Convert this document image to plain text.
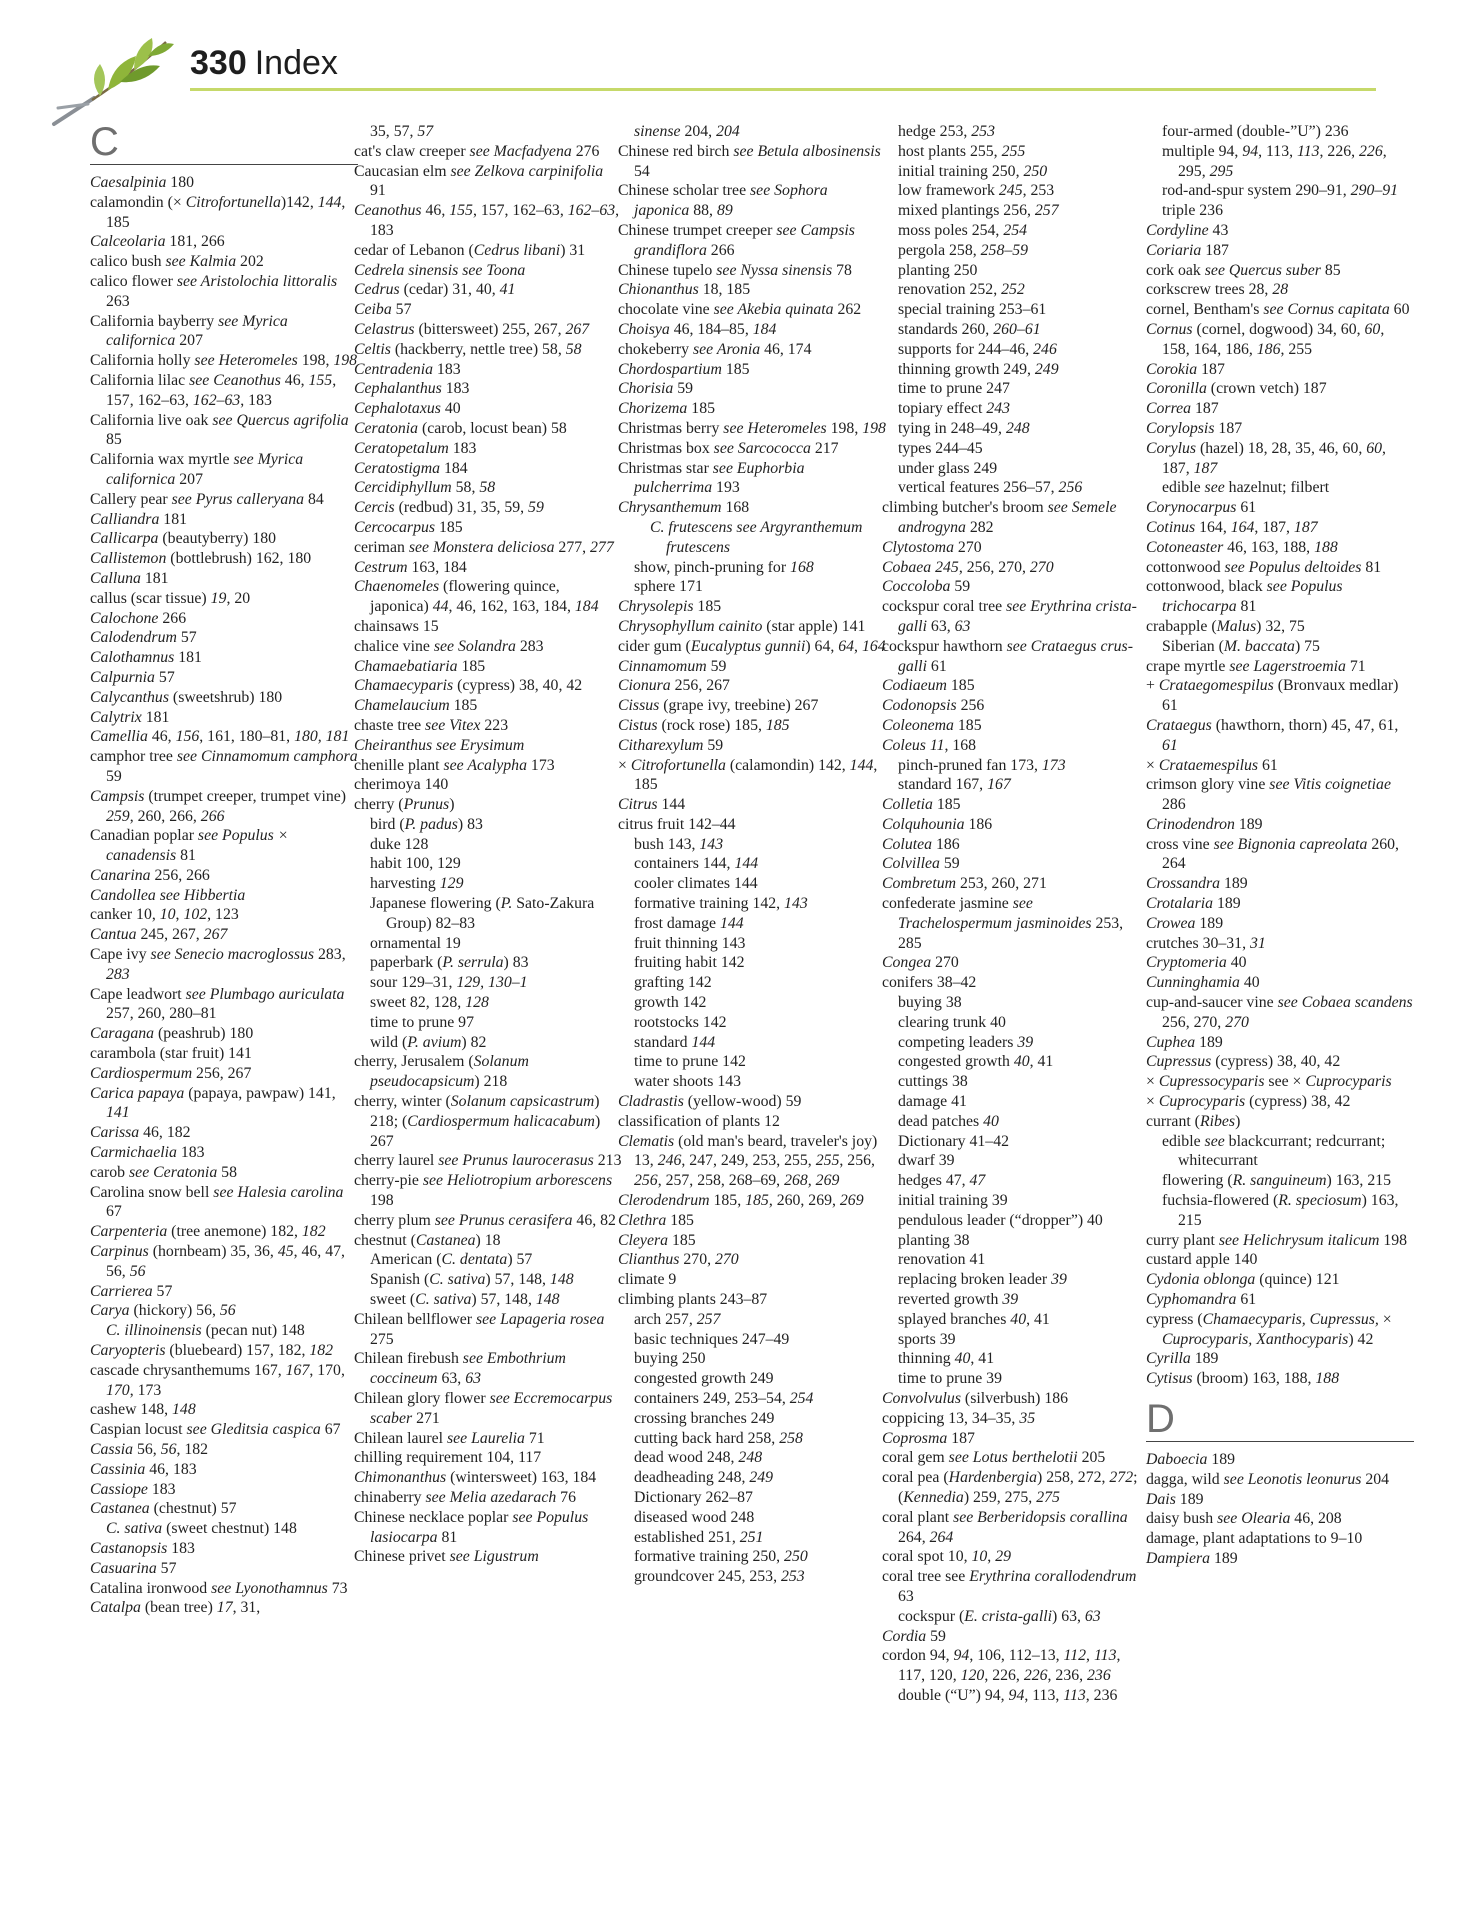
330 Index
C

Caesalpinia 180

calamondin (× Citrofortunella)142, 144, 185

Calceolaria 181, 266

calico bush see Kalmia 202

calico flower see Aristolochia littoralis 263

California bayberry see Myrica californica 207

California holly see Heteromeles 198, 198

California lilac see Ceanothus 46, 155, 157, 162–63, 162–63, 183

California live oak see Quercus agrifolia 85

California wax myrtle see Myrica californica 207

Callery pear see Pyrus calleryana 84

Calliandra 181

Callicarpa (beautyberry) 180

Callistemon (bottlebrush) 162, 180

Calluna 181

callus (scar tissue) 19, 20

Calochone 266

Calodendrum 57

Calothamnus 181

Calpurnia 57

Calycanthus (sweetshrub) 180

Calytrix 181

Camellia 46, 156, 161, 180–81, 180, 181

camphor tree see Cinnamomum camphora 59

Campsis (trumpet creeper, trumpet vine) 259, 260, 266, 266

Canadian poplar see Populus × canadensis 81

Canarina 256, 266

Candollea see Hibbertia

canker 10, 10, 102, 123

Cantua 245, 267, 267

Cape ivy see Senecio macroglossus 283, 283

Cape leadwort see Plumbago auriculata 257, 260, 280–81

Caragana (peashrub) 180

carambola (star fruit) 141

Cardiospermum 256, 267

Carica papaya (papaya, pawpaw) 141, 141

Carissa 46, 182

Carmichaelia 183

carob see Ceratonia 58

Carolina snow bell see Halesia carolina 67

Carpenteria (tree anemone) 182, 182

Carpinus (hornbeam) 35, 36, 45, 46, 47, 56, 56

Carrierea 57

Carya (hickory) 56, 56

C. illinoinensis (pecan nut) 148

Caryopteris (bluebeard) 157, 182, 182

cascade chrysanthemums 167, 167, 170, 170, 173

cashew 148, 148

Caspian locust see Gleditsia caspica 67

Cassia 56, 56, 182

Cassinia 46, 183

Cassiope 183

Castanea (chestnut) 57

C. sativa (sweet chestnut) 148

Castanopsis 183

Casuarina 57

Catalina ironwood see Lyonothamnus 73

Catalpa (bean tree) 17, 31,

35, 57, 57

cat's claw creeper see Macfadyena 276

Caucasian elm see Zelkova carpinifolia 91

Ceanothus 46, 155, 157, 162–63, 162–63, 183

cedar of Lebanon (Cedrus libani) 31

Cedrela sinensis see Toona

Cedrus (cedar) 31, 40, 41

Ceiba 57

Celastrus (bittersweet) 255, 267, 267

Celtis (hackberry, nettle tree) 58, 58

Centradenia 183

Cephalanthus 183

Cephalotaxus 40

Ceratonia (carob, locust bean) 58

Ceratopetalum 183

Ceratostigma 184

Cercidiphyllum 58, 58

Cercis (redbud) 31, 35, 59, 59

Cercocarpus 185

ceriman see Monstera deliciosa 277, 277

Cestrum 163, 184

Chaenomeles (flowering quince, japonica) 44, 46, 162, 163, 184, 184

chainsaws 15

chalice vine see Solandra 283

Chamaebatiaria 185

Chamaecyparis (cypress) 38, 40, 42

Chamelaucium 185

chaste tree see Vitex 223

Cheiranthus see Erysimum

chenille plant see Acalypha 173

cherimoya 140

cherry (Prunus)

bird (P. padus) 83

duke 128

habit 100, 129

harvesting 129

Japanese flowering (P. Sato-Zakura Group) 82–83

ornamental 19

paperbark (P. serrula) 83

sour 129–31, 129, 130–1

sweet 82, 128, 128

time to prune 97

wild (P. avium) 82

cherry, Jerusalem (Solanum pseudocapsicum) 218

cherry, winter (Solanum capsicastrum) 218; (Cardiospermum halicacabum) 267

cherry laurel see Prunus laurocerasus 213

cherry-pie see Heliotropium arborescens 198

cherry plum see Prunus cerasifera 46, 82

chestnut (Castanea) 18

American (C. dentata) 57

Spanish (C. sativa) 57, 148, 148

sweet (C. sativa) 57, 148, 148

Chilean bellflower see Lapageria rosea 275

Chilean firebush see Embothrium coccineum 63, 63

Chilean glory flower see Eccremocarpus scaber 271

Chilean laurel see Laurelia 71

chilling requirement 104, 117

Chimonanthus (wintersweet) 163, 184

chinaberry see Melia azedarach 76

Chinese necklace poplar see Populus lasiocarpa 81

Chinese privet see Ligustrum

sinense 204, 204

Chinese red birch see Betula albosinensis 54

Chinese scholar tree see Sophora japonica 88, 89

Chinese trumpet creeper see Campsis grandiflora 266

Chinese tupelo see Nyssa sinensis 78

Chionanthus 18, 185

chocolate vine see Akebia quinata 262

Choisya 46, 184–85, 184

chokeberry see Aronia 46, 174

Chordospartium 185

Chorisia 59

Chorizema 185

Christmas berry see Heteromeles 198, 198

Christmas box see Sarcococca 217

Christmas star see Euphorbia pulcherrima 193

Chrysanthemum 168

C. frutescens see Argyranthemum frutescens

show, pinch-pruning for 168

sphere 171

Chrysolepis 185

Chrysophyllum cainito (star apple) 141

cider gum (Eucalyptus gunnii) 64, 64, 164

Cinnamomum 59

Cionura 256, 267

Cissus (grape ivy, treebine) 267

Cistus (rock rose) 185, 185

Citharexylum 59

× Citrofortunella (calamondin) 142, 144, 185

Citrus 144

citrus fruit 142–44

bush 143, 143

containers 144, 144

cooler climates 144

formative training 142, 143

frost damage 144

fruit thinning 143

fruiting habit 142

grafting 142

growth 142

rootstocks 142

standard 144

time to prune 142

water shoots 143

Cladrastis (yellow-wood) 59

classification of plants 12

Clematis (old man's beard, traveler's joy) 13, 246, 247, 249, 253, 255, 255, 256, 256, 257, 258, 268–69, 268, 269

Clerodendrum 185, 185, 260, 269, 269

Clethra 185

Cleyera 185

Clianthus 270, 270

climate 9

climbing plants 243–87

arch 257, 257

basic techniques 247–49

buying 250

congested growth 249

containers 249, 253–54, 254

crossing branches 249

cutting back hard 258, 258

dead wood 248, 248

deadheading 248, 249

Dictionary 262–87

diseased wood 248

established 251, 251

formative training 250, 250

groundcover 245, 253, 253

hedge 253, 253

host plants 255, 255

initial training 250, 250

low framework 245, 253

mixed plantings 256, 257

moss poles 254, 254

pergola 258, 258–59

planting 250

renovation 252, 252

special training 253–61

standards 260, 260–61

supports for 244–46, 246

thinning growth 249, 249

time to prune 247

topiary effect 243

tying in 248–49, 248

types 244–45

under glass 249

vertical features 256–57, 256

climbing butcher's broom see Semele androgyna 282

Clytostoma 270

Cobaea 245, 256, 270, 270

Coccoloba 59

cockspur coral tree see Erythrina crista-galli 63, 63

cockspur hawthorn see Crataegus crus-galli 61

Codiaeum 185

Codonopsis 256

Coleonema 185

Coleus 11, 168

pinch-pruned fan 173, 173

standard 167, 167

Colletia 185

Colquhounia 186

Colutea 186

Colvillea 59

Combretum 253, 260, 271

confederate jasmine see Trachelospermum jasminoides 253, 285

Congea 270

conifers 38–42

buying 38

clearing trunk 40

competing leaders 39

congested growth 40, 41

cuttings 38

damage 41

dead patches 40

Dictionary 41–42

dwarf 39

hedges 47, 47

initial training 39

pendulous leader (“dropper”) 40

planting 38

renovation 41

replacing broken leader 39

reverted growth 39

splayed branches 40, 41

sports 39

thinning 40, 41

time to prune 39

Convolvulus (silverbush) 186

coppicing 13, 34–35, 35

Coprosma 187

coral gem see Lotus berthelotii 205

coral pea (Hardenbergia) 258, 272, 272; (Kennedia) 259, 275, 275

coral plant see Berberidopsis corallina 264, 264

coral spot 10, 10, 29

coral tree see Erythrina corallodendrum 63

cockspur (E. crista-galli) 63, 63

Cordia 59

cordon 94, 94, 106, 112–13, 112, 113, 117, 120, 120, 226, 226, 236, 236

double (“U”) 94, 94, 113, 113, 236

four-armed (double-”U”) 236

multiple 94, 94, 113, 113, 226, 226, 295, 295

rod-and-spur system 290–91, 290–91

triple 236

Cordyline 43

Coriaria 187

cork oak see Quercus suber 85

corkscrew trees 28, 28

cornel, Bentham's see Cornus capitata 60

Cornus (cornel, dogwood) 34, 60, 60, 158, 164, 186, 186, 255

Corokia 187

Coronilla (crown vetch) 187

Correa 187

Corylopsis 187

Corylus (hazel) 18, 28, 35, 46, 60, 60, 187, 187

edible see hazelnut; filbert

Corynocarpus 61

Cotinus 164, 164, 187, 187

Cotoneaster 46, 163, 188, 188

cottonwood see Populus deltoides 81

cottonwood, black see Populus trichocarpa 81

crabapple (Malus) 32, 75

Siberian (M. baccata) 75

crape myrtle see Lagerstroemia 71

+ Crataegomespilus (Bronvaux medlar) 61

Crataegus (hawthorn, thorn) 45, 47, 61, 61

× Crataemespilus 61

crimson glory vine see Vitis coignetiae 286

Crinodendron 189

cross vine see Bignonia capreolata 260, 264

Crossandra 189

Crotalaria 189

Crowea 189

crutches 30–31, 31

Cryptomeria 40

Cunninghamia 40

cup-and-saucer vine see Cobaea scandens 256, 270, 270

Cuphea 189

Cupressus (cypress) 38, 40, 42

× Cupressocyparis see × Cuprocyparis

× Cuprocyparis (cypress) 38, 42

currant (Ribes)

edible see blackcurrant; redcurrant; whitecurrant

flowering (R. sanguineum) 163, 215

fuchsia-flowered (R. speciosum) 163, 215

curry plant see Helichrysum italicum 198

custard apple 140

Cydonia oblonga (quince) 121

Cyphomandra 61

cypress (Chamaecyparis, Cupressus, × Cuprocyparis, Xanthocyparis) 42

Cyrilla 189

Cytisus (broom) 163, 188, 188

D

Daboecia 189

dagga, wild see Leonotis leonurus 204

Dais 189

daisy bush see Olearia 46, 208

damage, plant adaptations to 9–10

Dampiera 189
